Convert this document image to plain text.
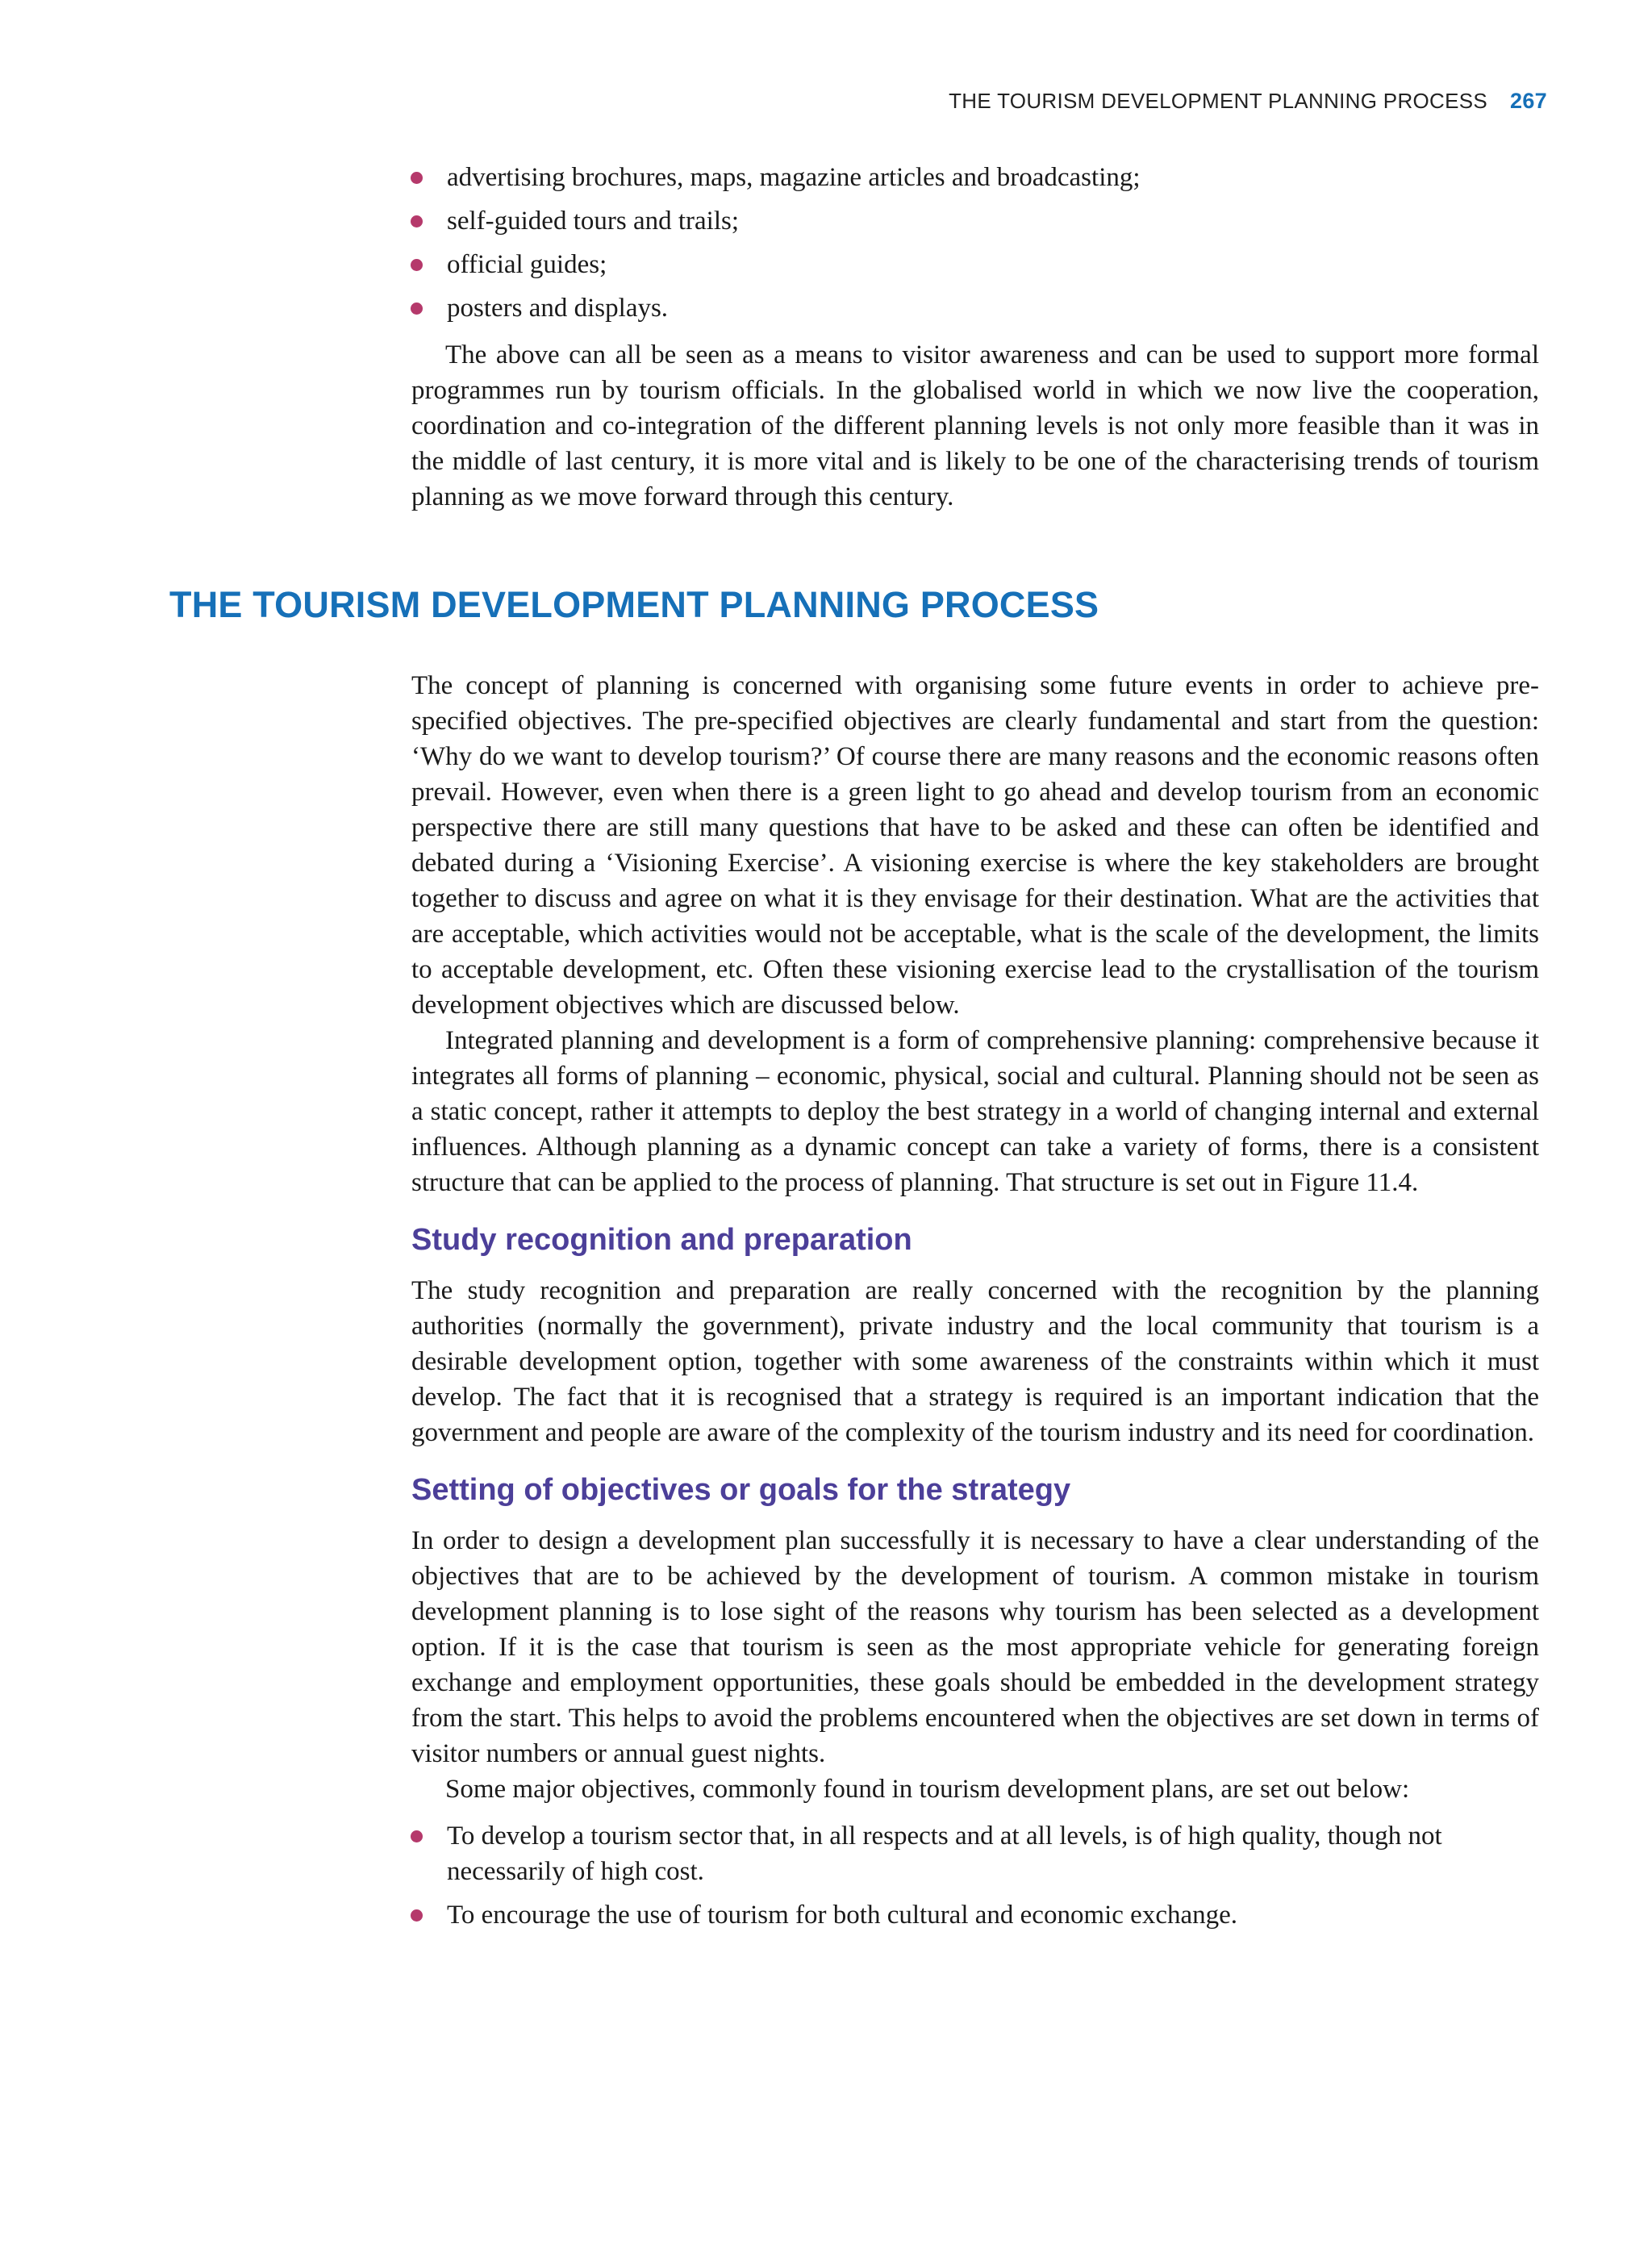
THE TOURISM DEVELOPMENT PLANNING PROCESS 267
advertising brochures, maps, magazine articles and broadcasting;
self-guided tours and trails;
official guides;
posters and displays.

The above can all be seen as a means to visitor awareness and can be used to support more formal programmes run by tourism officials. In the globalised world in which we now live the cooperation, coordination and co-integration of the different planning levels is not only more feasible than it was in the middle of last century, it is more vital and is likely to be one of the characterising trends of tourism planning as we move forward through this century.

THE TOURISM DEVELOPMENT PLANNING PROCESS

The concept of planning is concerned with organising some future events in order to achieve pre-specified objectives. The pre-specified objectives are clearly fundamental and start from the question: ‘Why do we want to develop tourism?’ Of course there are many reasons and the economic reasons often prevail. However, even when there is a green light to go ahead and develop tourism from an economic perspective there are still many questions that have to be asked and these can often be identified and debated during a ‘Visioning Exercise’. A visioning exercise is where the key stakeholders are brought together to discuss and agree on what it is they envisage for their destination. What are the activities that are acceptable, which activities would not be acceptable, what is the scale of the development, the limits to acceptable development, etc. Often these visioning exercise lead to the crystallisation of the tourism development objectives which are discussed below.

Integrated planning and development is a form of comprehensive planning: comprehensive because it integrates all forms of planning – economic, physical, social and cultural. Planning should not be seen as a static concept, rather it attempts to deploy the best strategy in a world of changing internal and external influences. Although planning as a dynamic concept can take a variety of forms, there is a consistent structure that can be applied to the process of planning. That structure is set out in Figure 11.4.

Study recognition and preparation

The study recognition and preparation are really concerned with the recognition by the planning authorities (normally the government), private industry and the local community that tourism is a desirable development option, together with some awareness of the constraints within which it must develop. The fact that it is recognised that a strategy is required is an important indication that the government and people are aware of the complexity of the tourism industry and its need for coordination.

Setting of objectives or goals for the strategy

In order to design a development plan successfully it is necessary to have a clear understanding of the objectives that are to be achieved by the development of tourism. A common mistake in tourism development planning is to lose sight of the reasons why tourism has been selected as a development option. If it is the case that tourism is seen as the most appropriate vehicle for generating foreign exchange and employment opportunities, these goals should be embedded in the development strategy from the start. This helps to avoid the problems encountered when the objectives are set down in terms of visitor numbers or annual guest nights.

Some major objectives, commonly found in tourism development plans, are set out below:

To develop a tourism sector that, in all respects and at all levels, is of high quality, though not necessarily of high cost.
To encourage the use of tourism for both cultural and economic exchange.
